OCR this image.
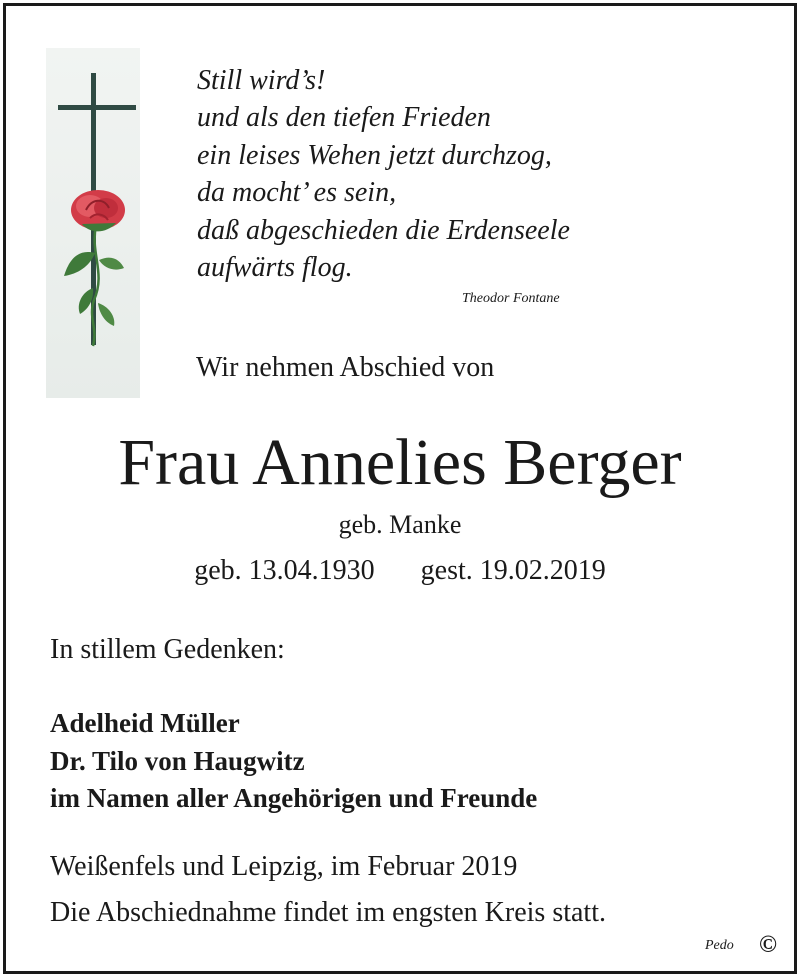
Still wird’s!
und als den tiefen Frieden
ein leises Wehen jetzt durchzog,
da mocht’ es sein,
daß abgeschieden die Erdenseele
aufwärts flog.
Theodor Fontane
Wir nehmen Abschied von
Frau Annelies Berger
geb. Manke
geb. 13.04.1930 gest. 19.02.2019
In stillem Gedenken:
Adelheid Müller
Dr. Tilo von Haugwitz
im Namen aller Angehörigen und Freunde
Weißenfels und Leipzig, im Februar 2019
Die Abschiednahme findet im engsten Kreis statt.
Pedo ©
